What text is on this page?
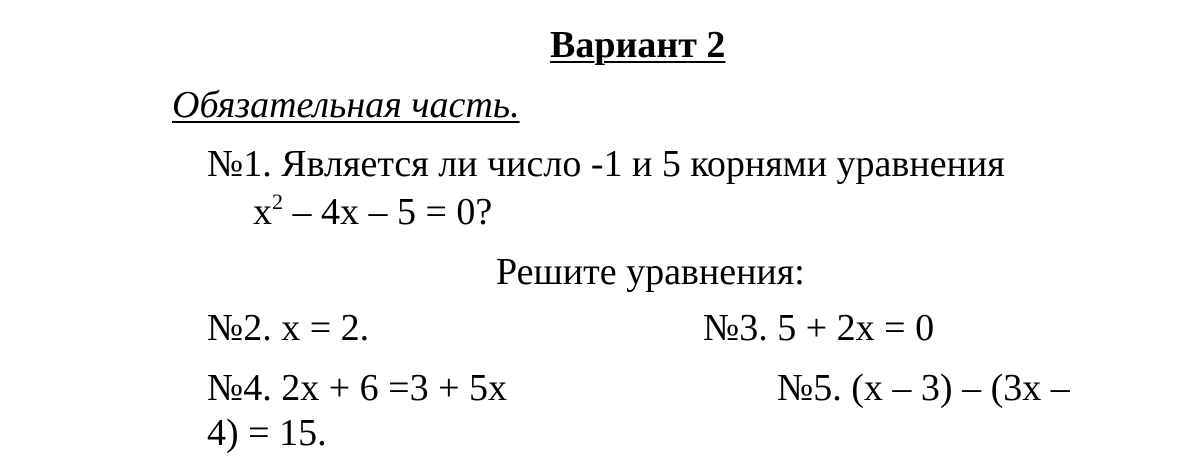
Вариант 2
Обязательная часть.
№1. Является ли число -1 и 5 корнями уравнения
$x^2 - 4x - 5 = 0$?
Решите уравнения:
№2. x = 2.	№3. 5 + 2x = 0
№4. 2x + 6 =3 + 5x	№5. (x – 3) – (3x –
4) = 15.
